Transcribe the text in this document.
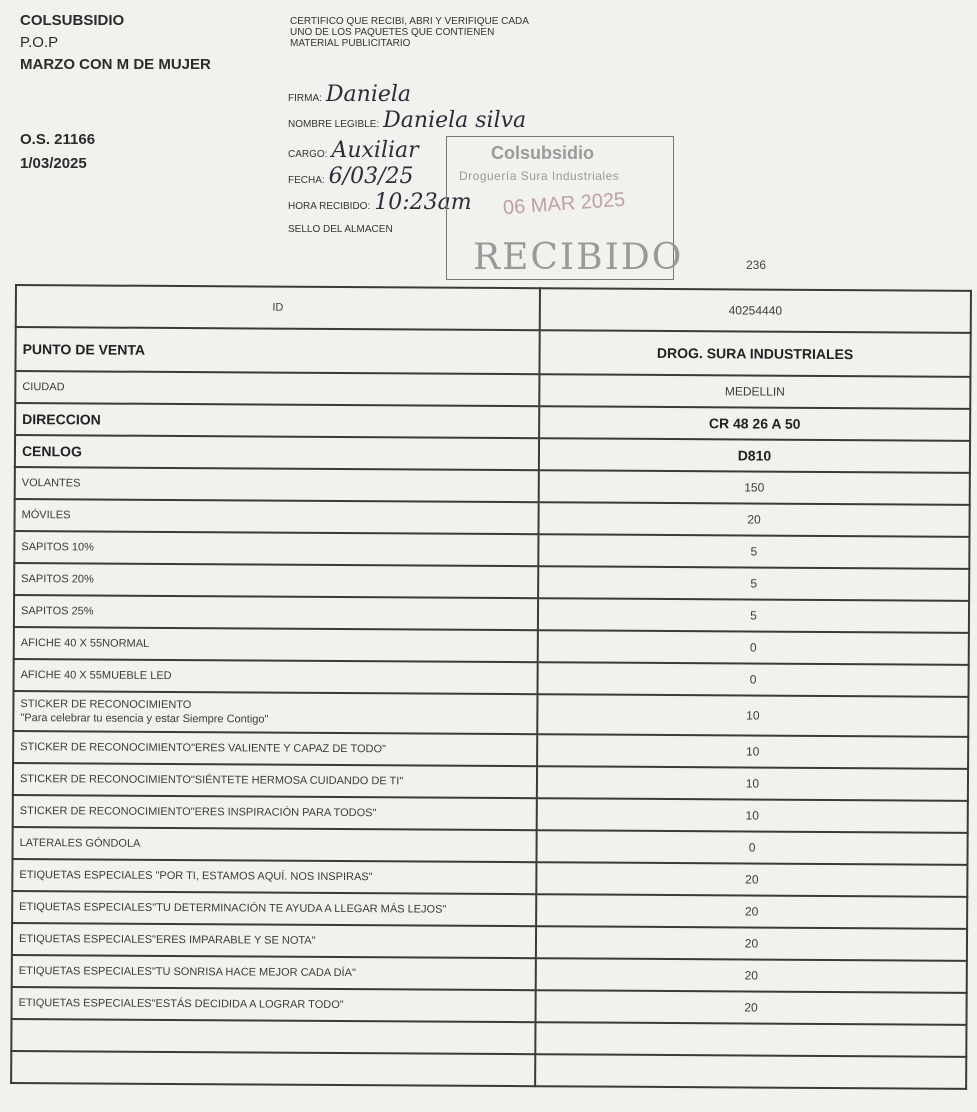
COLSUBSIDIO
P.O.P
MARZO CON M DE MUJER
O.S. 21166
1/03/2025
CERTIFICO QUE RECIBI, ABRI Y VERIFIQUE CADA UNO DE LOS PAQUETES QUE CONTIENEN MATERIAL PUBLICITARIO
FIRMA: Daniela
NOMBRE LEGIBLE: Daniela silva
CARGO: Auxiliar
FECHA: 6/03/25
HORA RECIBIDO: 10:23am
SELLO DEL ALMACEN
Colsubsidio
Droguería Sura Industriales
06 MAR 2025
RECIBIDO	236
ID	40254440
PUNTO DE VENTA	DROG. SURA INDUSTRIALES
CIUDAD	MEDELLIN
DIRECCION	CR 48 26 A 50
CENLOG	D810
VOLANTES	150
MÓVILES	20
SAPITOS 10%	5
SAPITOS 20%	5
SAPITOS 25%	5
AFICHE 40 X 55NORMAL	0
AFICHE 40 X 55MUEBLE LED	0

STICKER DE RECONOCIMIENTO
"Para celebrar tu esencia y estar Siempre Contigo"	10
STICKER DE RECONOCIMIENTO"ERES VALIENTE Y CAPAZ DE TODO"	10
STICKER DE RECONOCIMIENTO"SIÉNTETE HERMOSA CUIDANDO DE TI"	10
STICKER DE RECONOCIMIENTO"ERES INSPIRACIÓN PARA TODOS"	10
LATERALES GÓNDOLA	0
ETIQUETAS ESPECIALES "POR TI, ESTAMOS AQUÍ. NOS INSPIRAS"	20
ETIQUETAS ESPECIALES"TU DETERMINACIÓN TE AYUDA A LLEGAR MÁS LEJOS"	20
ETIQUETAS ESPECIALES"ERES IMPARABLE Y SE NOTA"	20
ETIQUETAS ESPECIALES"TU SONRISA HACE MEJOR CADA DÍA"	20
ETIQUETAS ESPECIALES"ESTÁS DECIDIDA A LOGRAR TODO"	20
